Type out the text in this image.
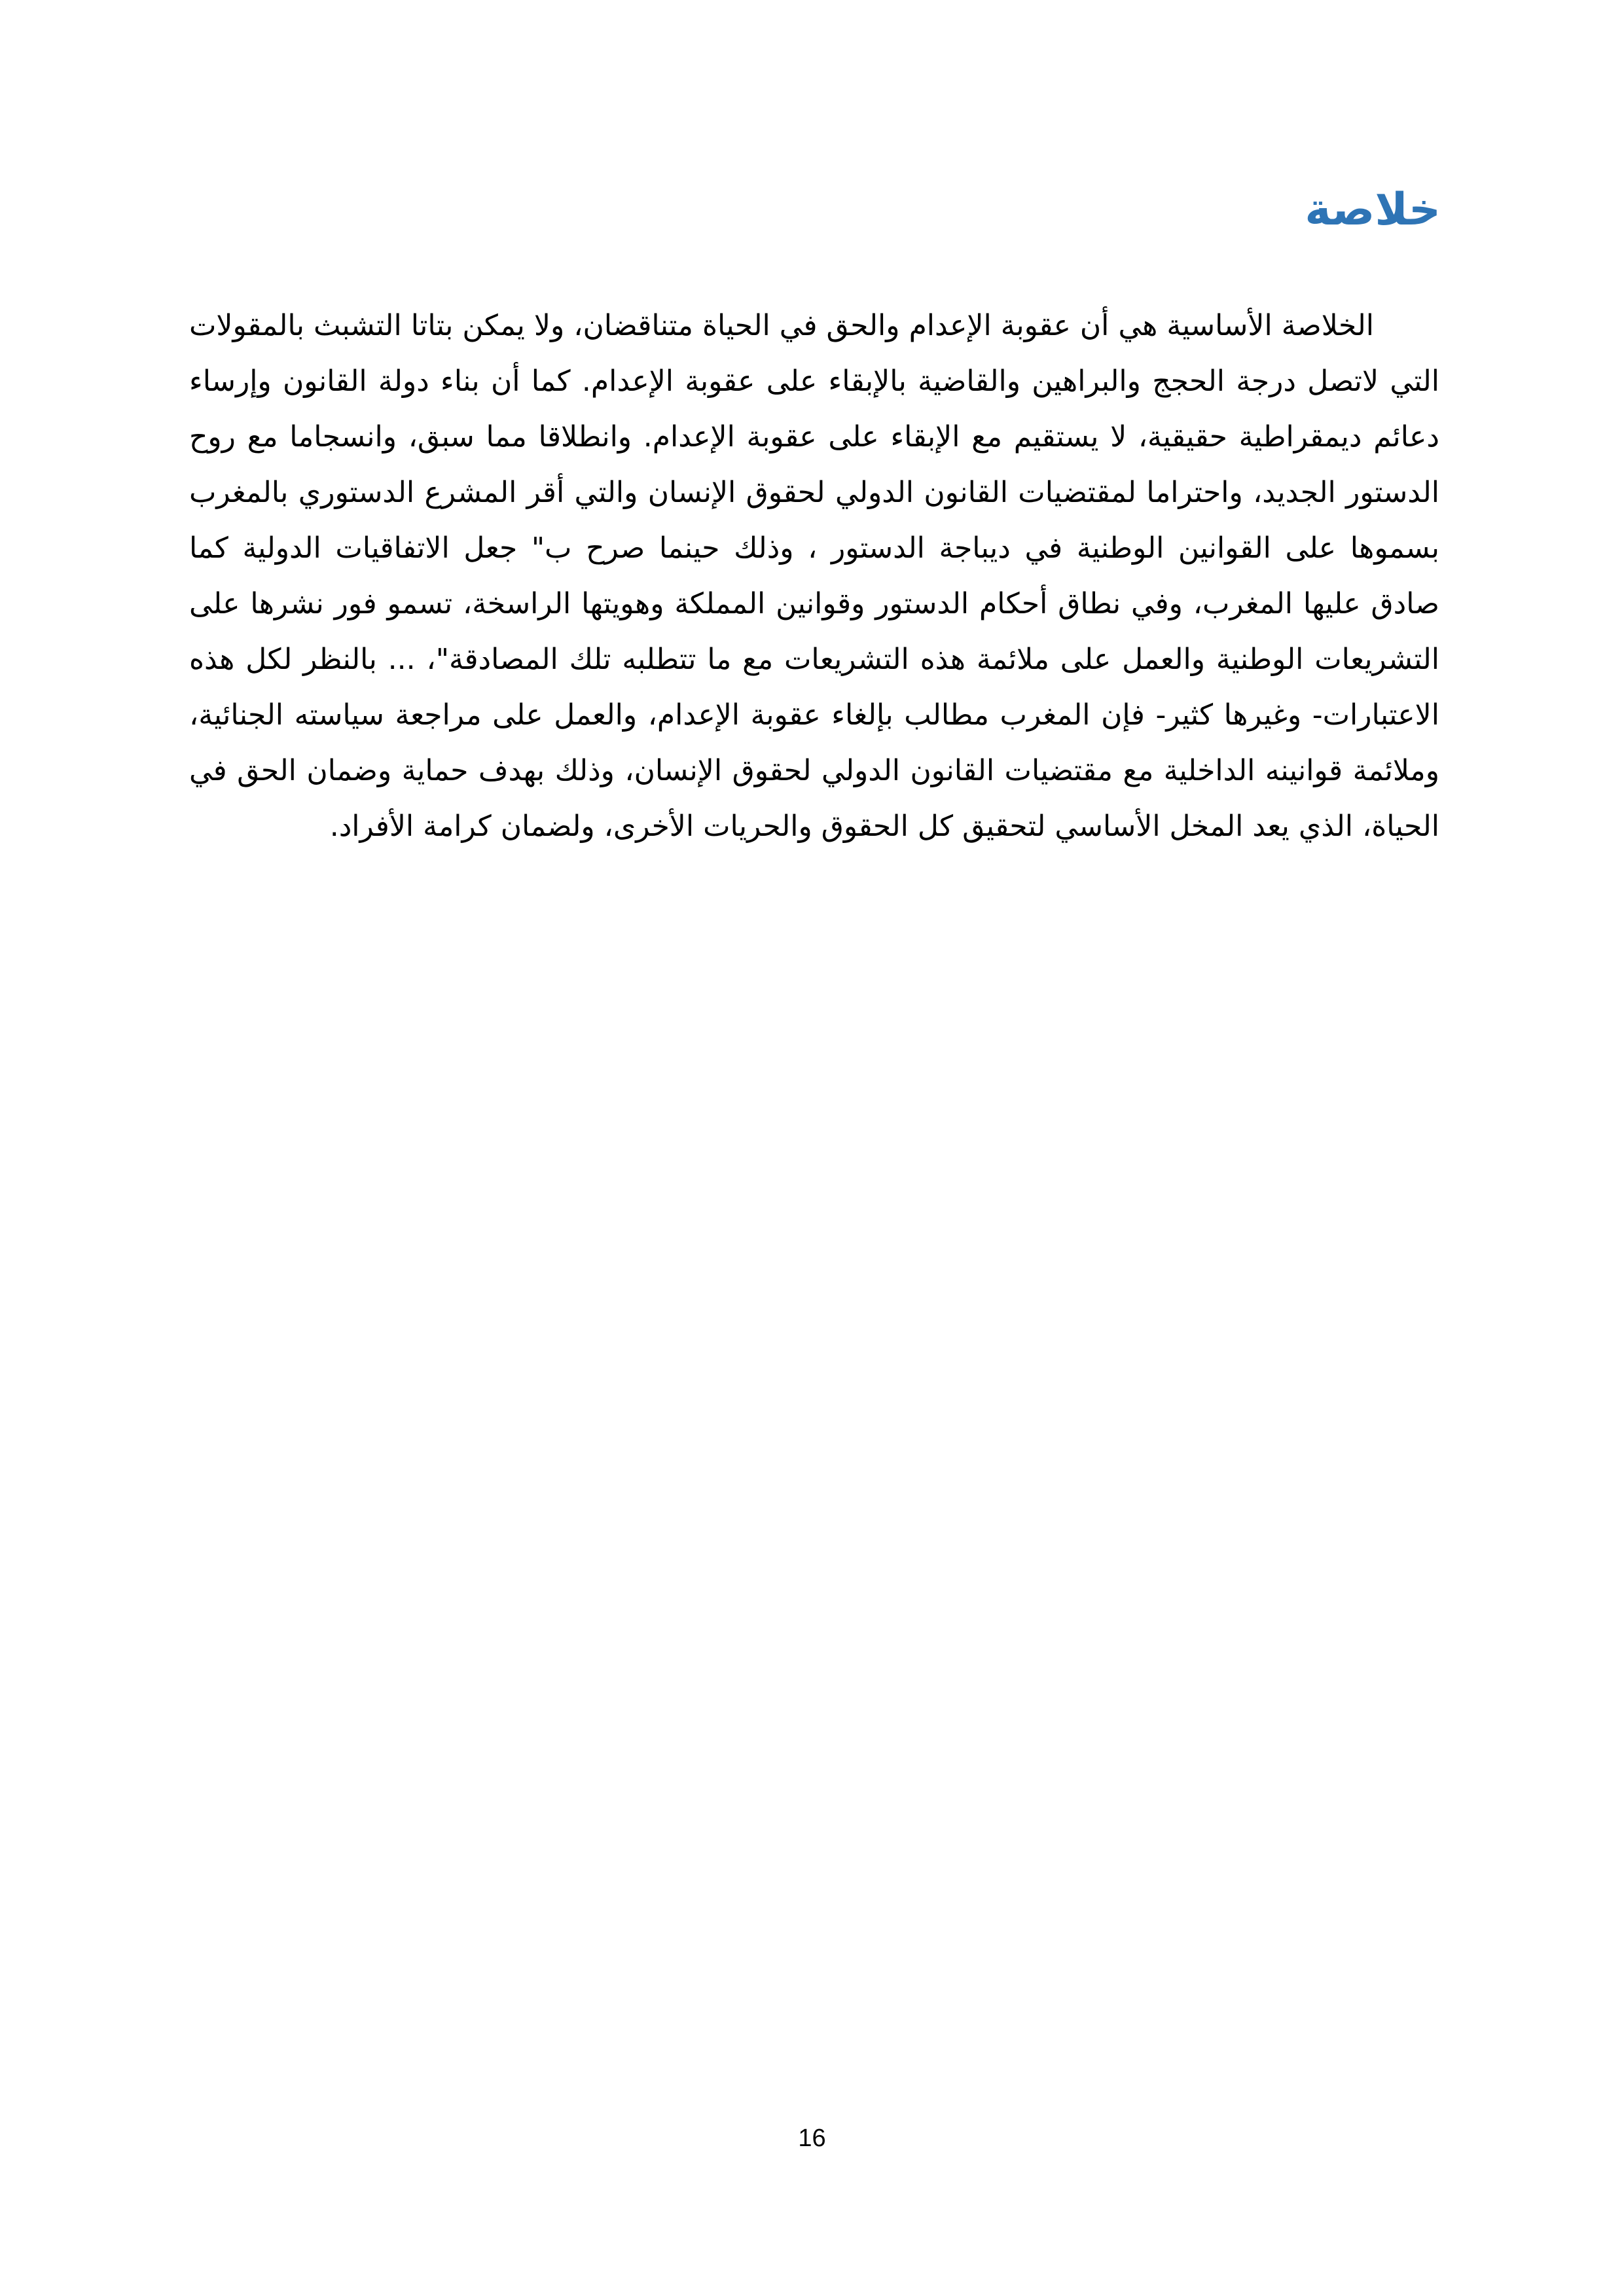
خلاصة

الخلاصة الأساسية هي أن عقوبة الإعدام والحق في الحياة متناقضان، ولا يمكن بتاتا التشبث بالمقولات التي لاتصل درجة الحجج والبراهين والقاضية بالإبقاء على عقوبة الإعدام. كما أن بناء دولة القانون وإرساء دعائم ديمقراطية حقيقية، لا يستقيم مع الإبقاء على عقوبة الإعدام. وانطلاقا مما سبق، وانسجاما مع روح الدستور الجديد، واحتراما لمقتضيات القانون الدولي لحقوق الإنسان والتي أقر المشرع الدستوري بالمغرب بسموها على القوانين الوطنية في ديباجة الدستور ، وذلك حينما صرح ب" جعل الاتفاقيات الدولية كما صادق عليها المغرب، وفي نطاق أحكام الدستور وقوانين المملكة وهويتها الراسخة، تسمو فور نشرها على التشريعات الوطنية والعمل على ملائمة هذه التشريعات مع ما تتطلبه تلك المصادقة"، ... بالنظر لكل هذه الاعتبارات- وغيرها كثير- فإن المغرب مطالب بإلغاء عقوبة الإعدام، والعمل على مراجعة سياسته الجنائية، وملائمة قوانينه الداخلية مع مقتضيات القانون الدولي لحقوق الإنسان، وذلك بهدف حماية وضمان الحق في الحياة، الذي يعد المخل الأساسي لتحقيق كل الحقوق والحريات الأخرى، ولضمان كرامة الأفراد.

16
